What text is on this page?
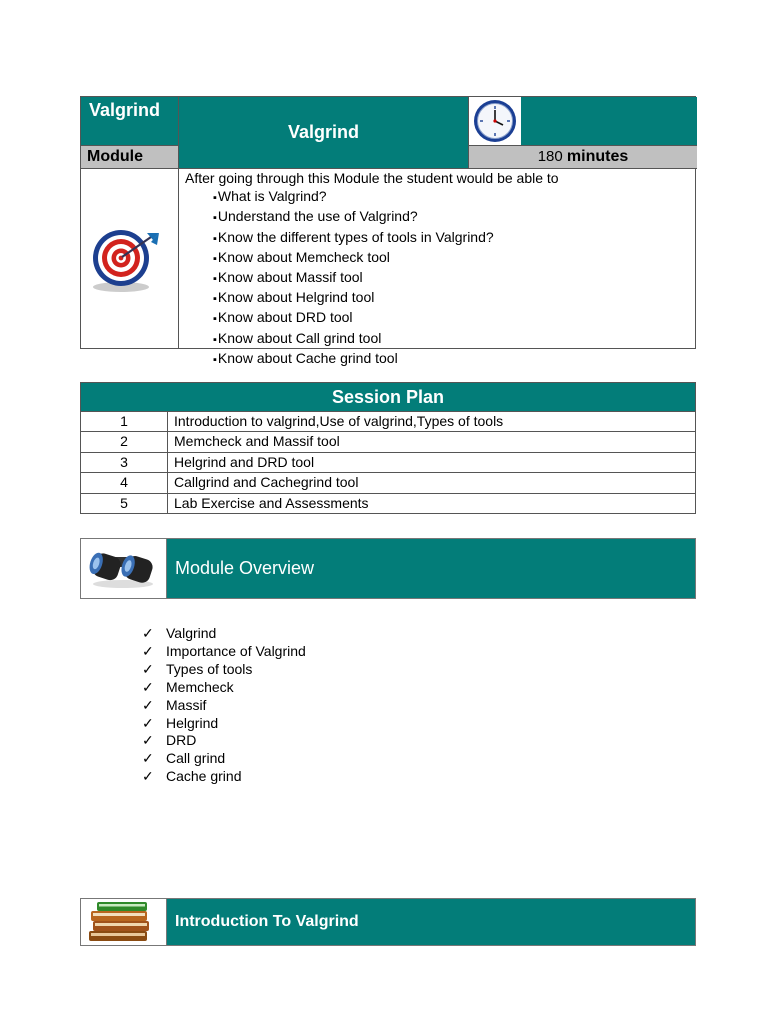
Valgrind
Valgrind
Module	180 minutes
After going through this Module the student would be able to
▪ What is Valgrind?
▪ Understand the use of Valgrind?
▪ Know the different types of tools in Valgrind?
▪ Know about Memcheck tool
▪ Know about Massif tool
▪ Know about Helgrind tool
▪ Know about DRD tool
▪ Know about Call grind tool
▪ Know about Cache grind tool
Session Plan
1	Introduction to valgrind,Use of valgrind,Types of tools
2	Memcheck and Massif tool
3	Helgrind and DRD tool
4	Callgrind and Cachegrind tool
5	Lab Exercise and Assessments
Module Overview
✓ Valgrind
✓ Importance of Valgrind
✓ Types of tools
✓ Memcheck
✓ Massif
✓ Helgrind
✓ DRD
✓ Call grind
✓ Cache grind
Introduction To Valgrind
